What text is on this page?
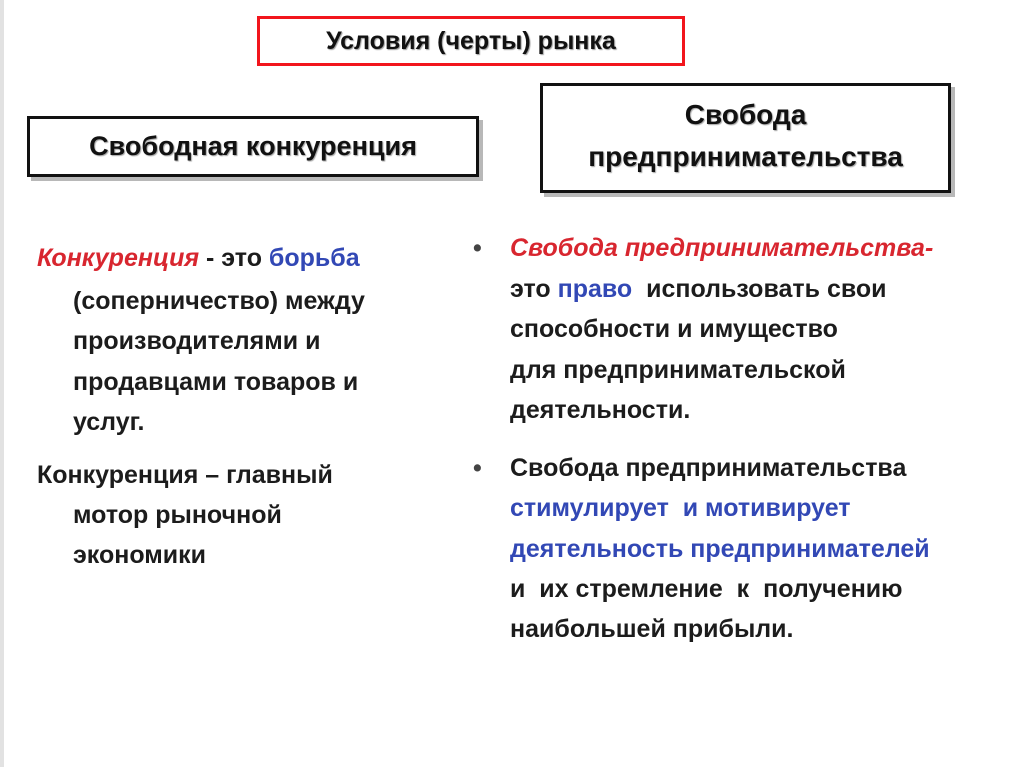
Условия (черты) рынка
Свободная конкуренция
Свобода
предпринимательства
Конкуренция - это борьба
(соперничество) между
производителями и
продавцами товаров и
услуг.
Конкуренция – главный
мотор рыночной
экономики
• Свобода предпринимательства-
это право  использовать свои
способности и имущество
для предпринимательской
деятельности.
• Свобода предпринимательства
стимулирует  и мотивирует
деятельность предпринимателей
и  их стремление  к  получению
наибольшей прибыли.
